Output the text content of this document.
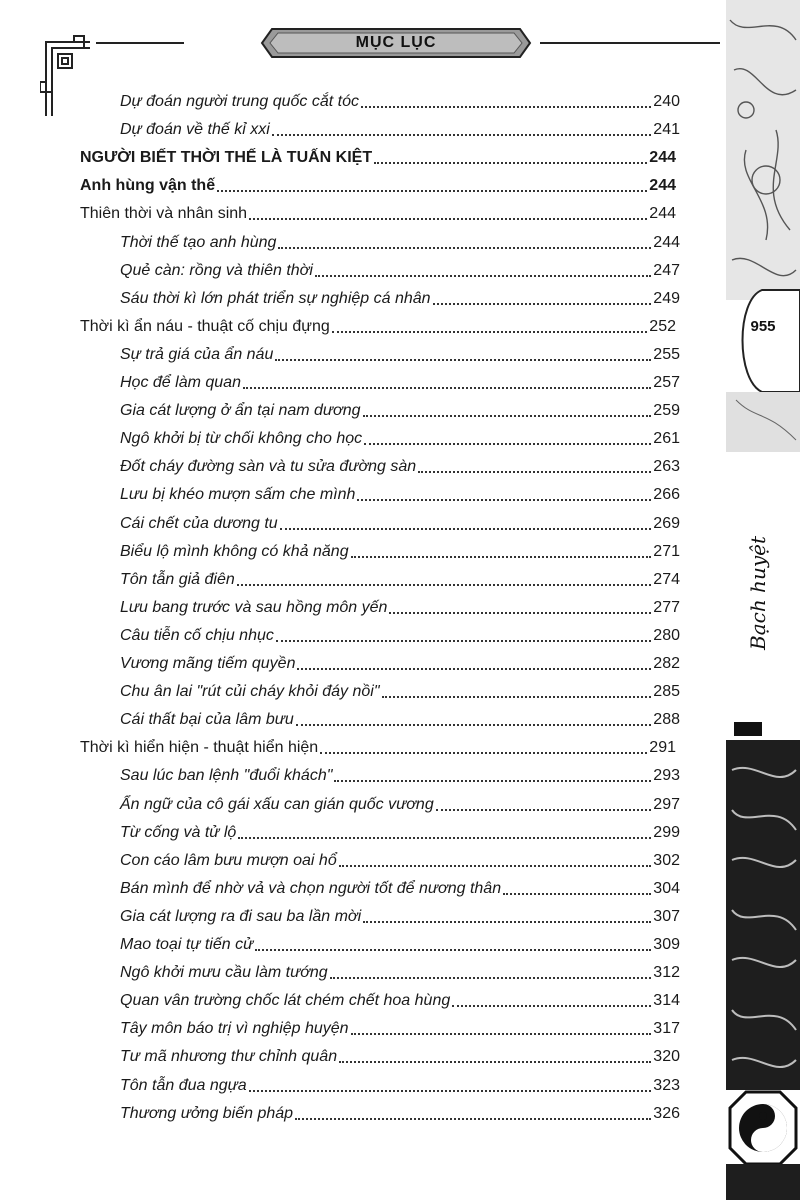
MỤC LỤC
955
Bạch huyệt
Dự đoán người trung quốc cắt tóc	240
Dự đoán về thế kỉ xxi	241
NGƯỜI BIẾT THỜI THẾ LÀ TUẤN KIỆT	244
Anh hùng vận thế	244
Thiên thời và nhân sinh	244
Thời thế tạo anh hùng	244
Quẻ càn: rồng và thiên thời	247
Sáu thời kì lớn phát triển sự nghiệp cá nhân	249
Thời kì ẩn náu - thuật cố chịu đựng	252
Sự trả giá của ẩn náu	255
Học để làm quan	257
Gia cát lượng ở ẩn tại nam dương	259
Ngô khởi bị từ chối không cho học	261
Đốt cháy đường sàn và tu sửa đường sàn	263
Lưu bị khéo mượn sấm che mình	266
Cái chết của dương tu	269
Biểu lộ mình không có khả năng	271
Tôn tẫn giả điên	274
Lưu bang trước và sau hồng môn yến	277
Câu tiễn cố chịu nhục	280
Vương mãng tiếm quyền	282
Chu ân lai "rút củi cháy khỏi đáy nồi"	285
Cái thất bại của lâm bưu	288
Thời kì hiển hiện - thuật hiển hiện	291
Sau lúc ban lệnh "đuổi khách"	293
Ẩn ngữ của cô gái xấu can gián quốc vương	297
Từ cống và tử lộ	299
Con cáo lâm bưu mượn oai hổ	302
Bán mình để nhờ vả và chọn người tốt để nương thân	304
Gia cát lượng ra đi sau ba lần mời	307
Mao toại tự tiến cử	309
Ngô khởi mưu cầu làm tướng	312
Quan vân trường chốc lát chém chết hoa hùng	314
Tây môn báo trị vì nghiệp huyện	317
Tư mã nhương thư chỉnh quân	320
Tôn tẫn đua ngựa	323
Thương ưởng biến pháp	326
